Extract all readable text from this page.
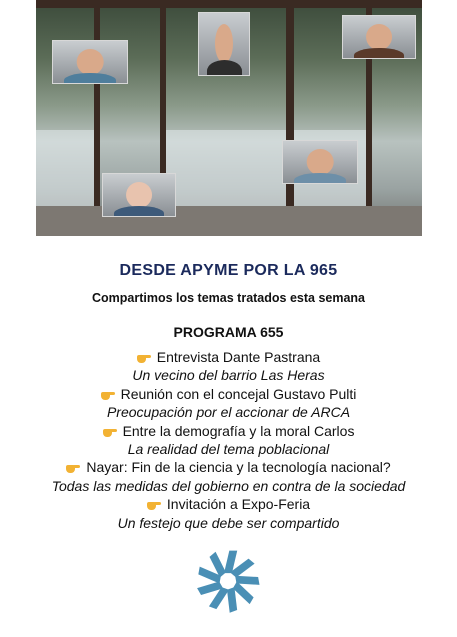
DESDE APYME POR LA 965
Compartimos los temas tratados esta semana
PROGRAMA 655
Entrevista Dante Pastrana
Un vecino del barrio Las Heras
Reunión con el concejal Gustavo Pulti
Preocupación por el accionar de ARCA
Entre la demografía y la moral Carlos
La realidad del tema poblacional
Nayar: Fin de la ciencia y la tecnología nacional?
Todas las medidas del gobierno en contra de la sociedad
Invitación a Expo-Feria
Un festejo que debe ser compartido
